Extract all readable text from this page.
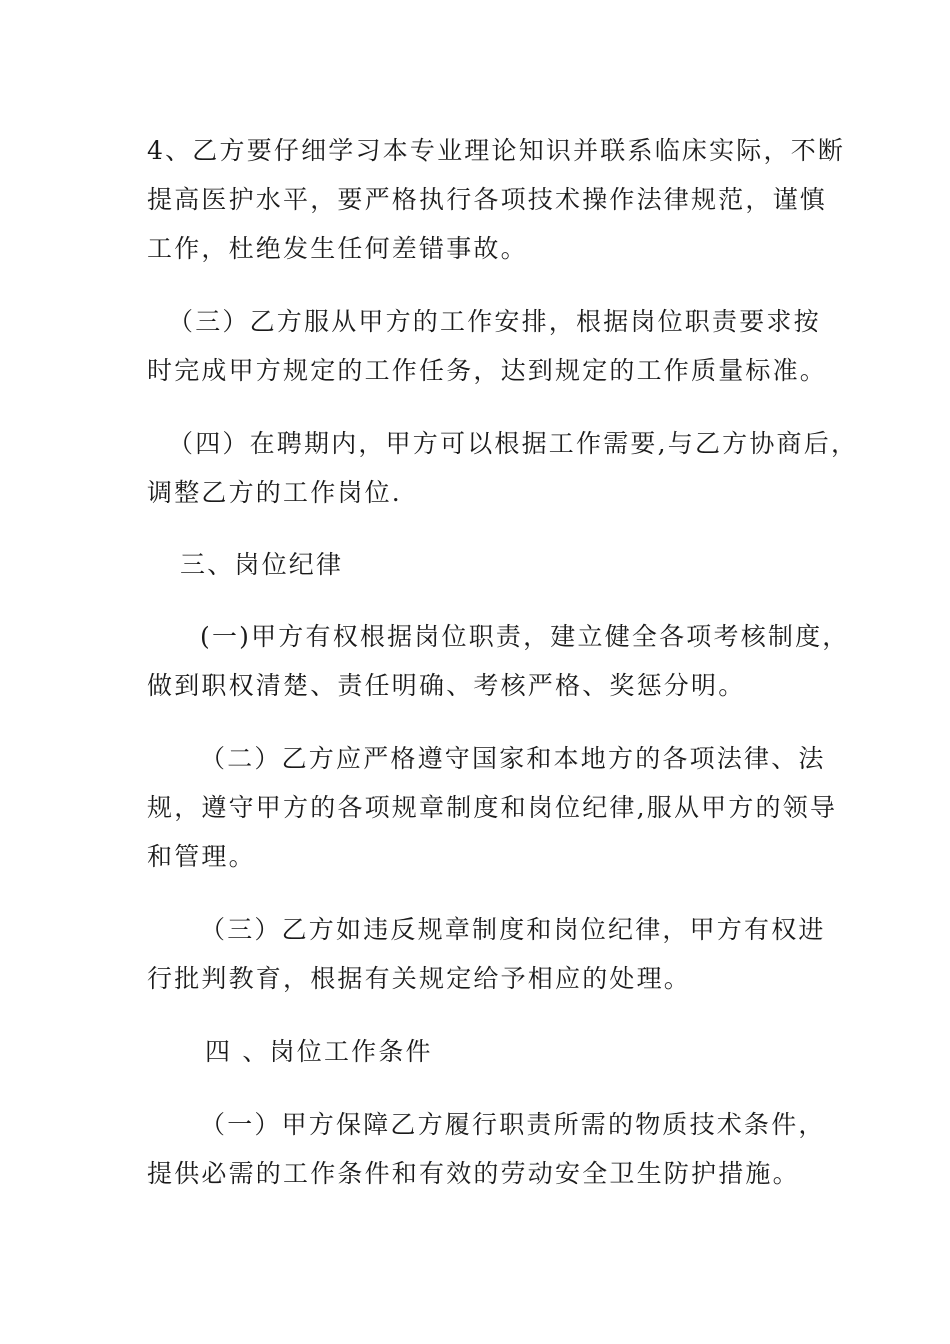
4、乙方要仔细学习本专业理论知识并联系临床实际，不断
提高医护水平，要严格执行各项技术操作法律规范，谨慎
工作，杜绝发生任何差错事故。
（三）乙方服从甲方的工作安排，根据岗位职责要求按
时完成甲方规定的工作任务，达到规定的工作质量标准。
（四）在聘期内，甲方可以根据工作需要,与乙方协商后，
调整乙方的工作岗位.
三、岗位纪律
(一)甲方有权根据岗位职责，建立健全各项考核制度，
做到职权清楚、责任明确、考核严格、奖惩分明。
（二）乙方应严格遵守国家和本地方的各项法律、法
规，遵守甲方的各项规章制度和岗位纪律,服从甲方的领导
和管理。
（三）乙方如违反规章制度和岗位纪律，甲方有权进
行批判教育，根据有关规定给予相应的处理。
四 、岗位工作条件
（一）甲方保障乙方履行职责所需的物质技术条件，
提供必需的工作条件和有效的劳动安全卫生防护措施。
